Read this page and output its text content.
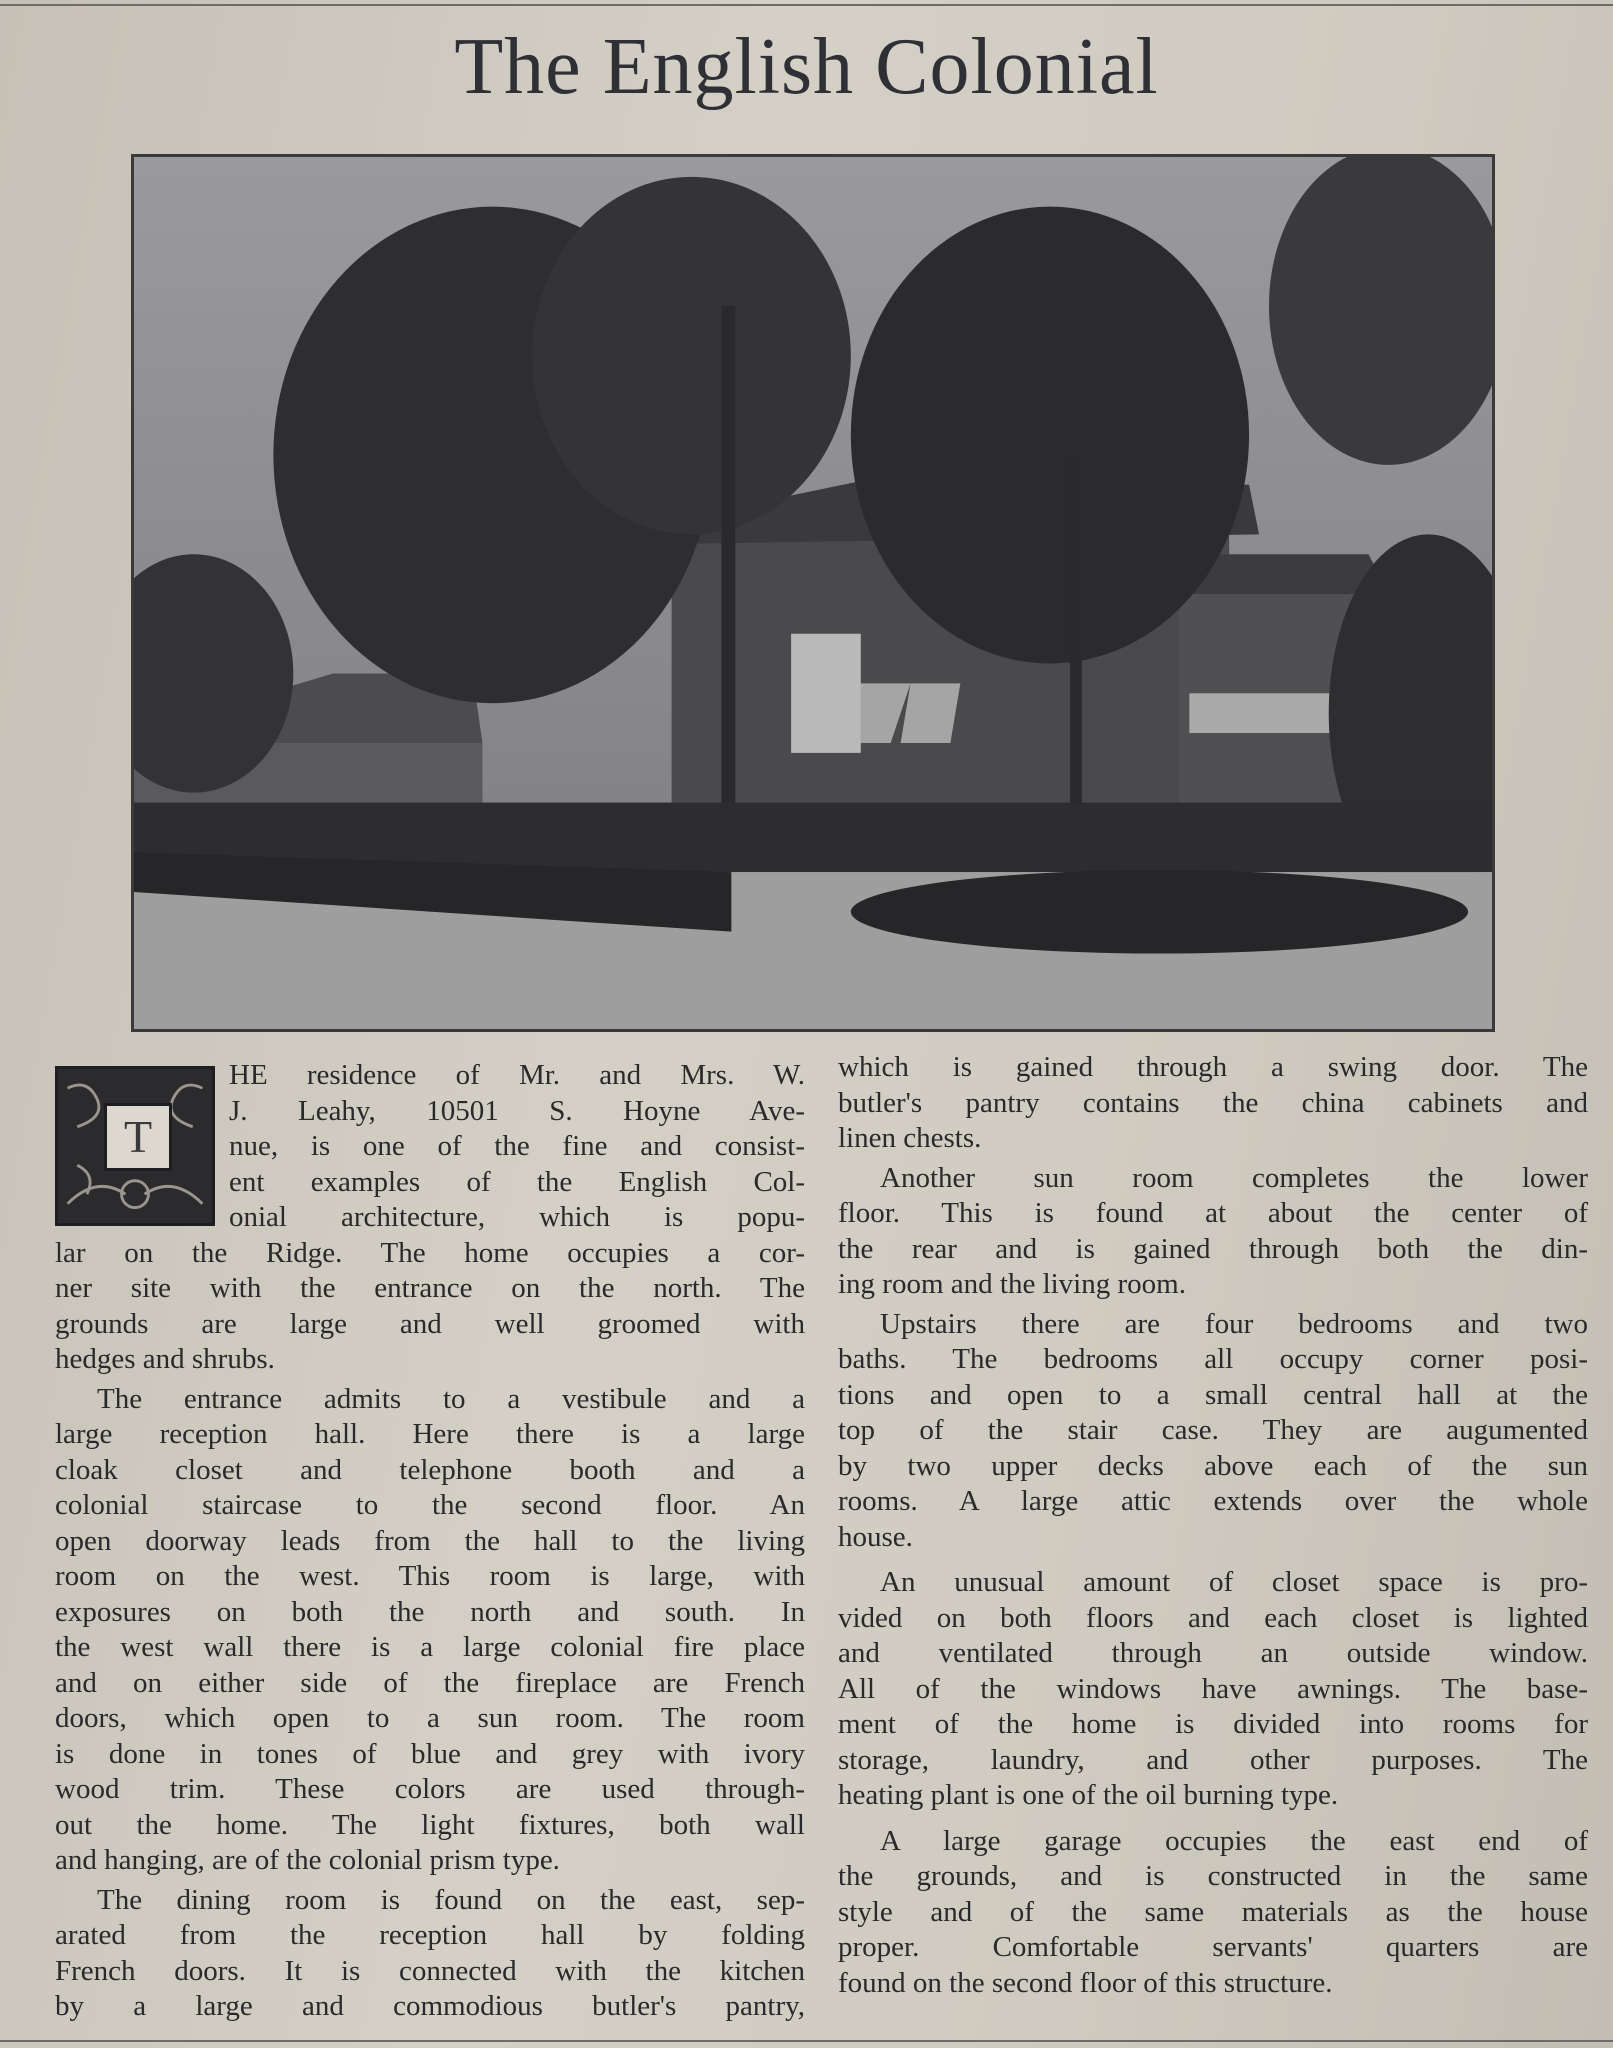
The English Colonial
T
HE residence of Mr. and Mrs. W.
J. Leahy, 10501 S. Hoyne Ave-
nue, is one of the fine and consist-
ent examples of the English Col-
onial architecture, which is popu-
lar on the Ridge. The home occupies a cor-
ner site with the entrance on the north. The
grounds are large and well groomed with
hedges and shrubs.
The entrance admits to a vestibule and a
large reception hall. Here there is a large
cloak closet and telephone booth and a
colonial staircase to the second floor. An
open doorway leads from the hall to the living
room on the west. This room is large, with
exposures on both the north and south. In
the west wall there is a large colonial fire place
and on either side of the fireplace are French
doors, which open to a sun room. The room
is done in tones of blue and grey with ivory
wood trim. These colors are used through-
out the home. The light fixtures, both wall
and hanging, are of the colonial prism type.
The dining room is found on the east, sep-
arated from the reception hall by folding
French doors. It is connected with the kitchen
by a large and commodious butler's pantry,
which is gained through a swing door. The
butler's pantry contains the china cabinets and
linen chests.
Another sun room completes the lower
floor. This is found at about the center of
the rear and is gained through both the din-
ing room and the living room.
Upstairs there are four bedrooms and two
baths. The bedrooms all occupy corner posi-
tions and open to a small central hall at the
top of the stair case. They are augumented
by two upper decks above each of the sun
rooms. A large attic extends over the whole
house.
An unusual amount of closet space is pro-
vided on both floors and each closet is lighted
and ventilated through an outside window.
All of the windows have awnings. The base-
ment of the home is divided into rooms for
storage, laundry, and other purposes. The
heating plant is one of the oil burning type.
A large garage occupies the east end of
the grounds, and is constructed in the same
style and of the same materials as the house
proper. Comfortable servants' quarters are
found on the second floor of this structure.
